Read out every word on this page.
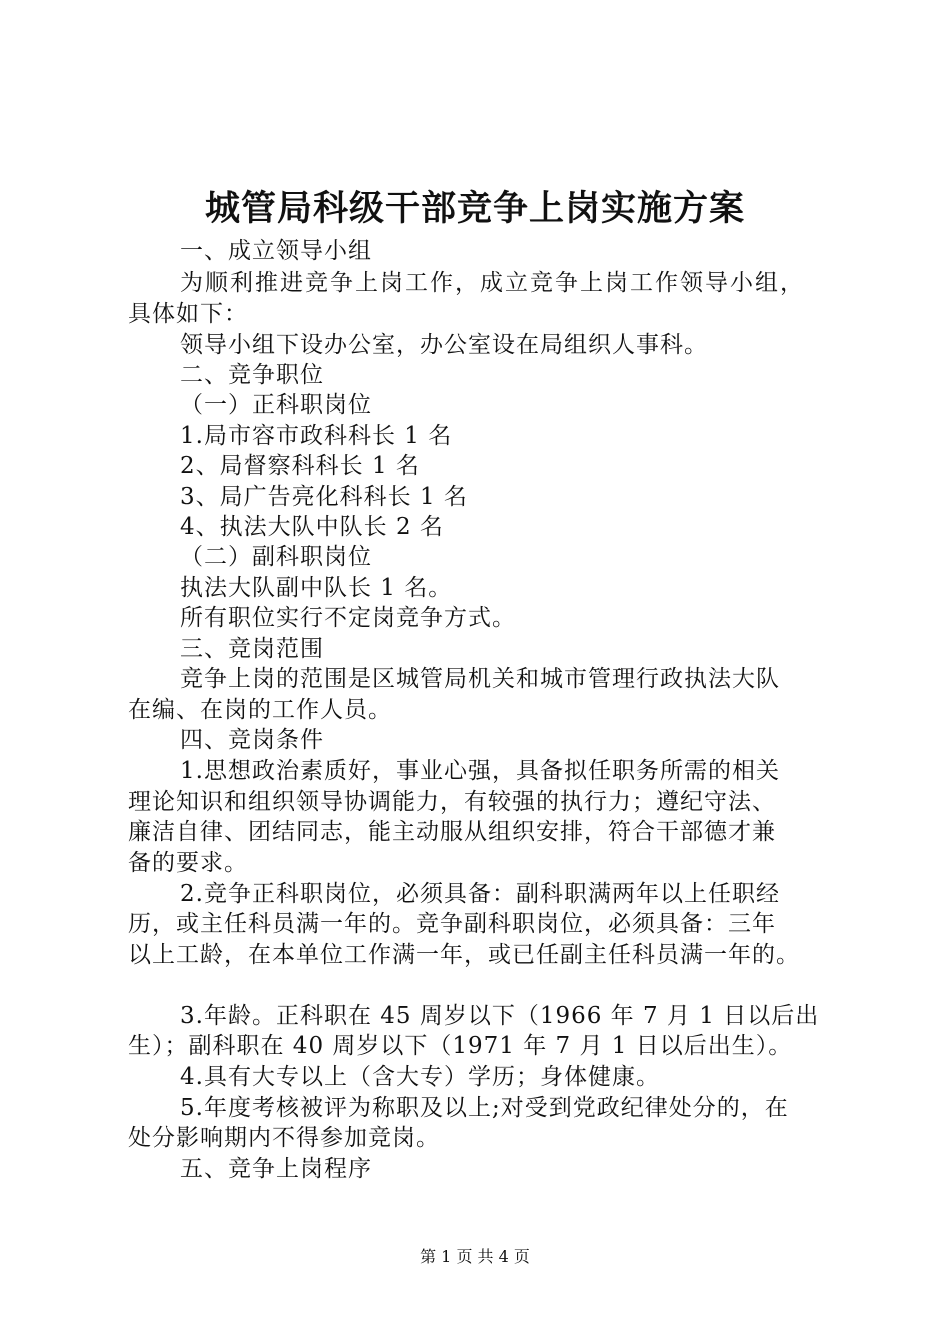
城管局科级干部竞争上岗实施方案
一、成立领导小组
为顺利推进竞争上岗工作，成立竞争上岗工作领导小组，
具体如下：
领导小组下设办公室，办公室设在局组织人事科。
二、竞争职位
（一）正科职岗位
1.局市容市政科科长 1 名
2、局督察科科长 1 名
3、局广告亮化科科长 1 名
4、执法大队中队长 2 名
（二）副科职岗位
执法大队副中队长 1 名。
所有职位实行不定岗竞争方式。
三、竞岗范围
竞争上岗的范围是区城管局机关和城市管理行政执法大队
在编、在岗的工作人员。
四、竞岗条件
1.思想政治素质好，事业心强，具备拟任职务所需的相关
理论知识和组织领导协调能力，有较强的执行力；遵纪守法、
廉洁自律、团结同志，能主动服从组织安排，符合干部德才兼
备的要求。
2.竞争正科职岗位，必须具备：副科职满两年以上任职经
历，或主任科员满一年的。竞争副科职岗位，必须具备：三年
以上工龄，在本单位工作满一年，或已任副主任科员满一年的。
3.年龄。正科职在 45 周岁以下（1966 年 7 月 1 日以后出
生）；副科职在 40 周岁以下（1971 年 7 月 1 日以后出生）。
4.具有大专以上（含大专）学历；身体健康。
5.年度考核被评为称职及以上;对受到党政纪律处分的，在
处分影响期内不得参加竞岗。
五、竞争上岗程序
第 1 页 共 4 页
